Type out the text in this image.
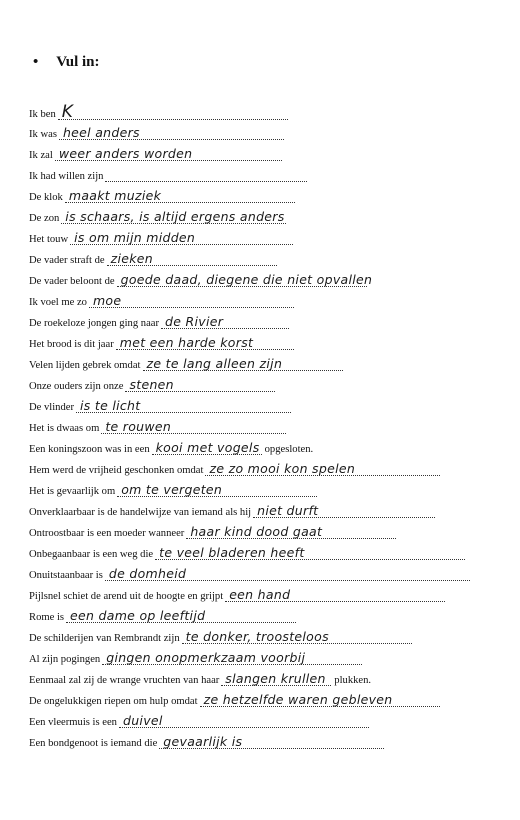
• Vul in:
Ik ben K
Ik was heel anders
Ik zal weer anders worden
Ik had willen zijn
De klok maakt muziek
De zon is schaars, is altijd ergens anders
Het touw is om mijn midden
De vader straft de zieken
De vader beloont de goede daad, diegene die niet opvallen
Ik voel me zo moe
De roekeloze jongen ging naar de Rivier
Het brood is dit jaar met een harde korst
Velen lijden gebrek omdat ze te lang alleen zijn
Onze ouders zijn onze stenen
De vlinder is te licht
Het is dwaas om te rouwen
Een koningszoon was in een kooi met vogels opgesloten.
Hem werd de vrijheid geschonken omdat ze zo mooi kon spelen
Het is gevaarlijk om om te vergeten
Onverklaarbaar is de handelwijze van iemand als hij niet durft
Ontroostbaar is een moeder wanneer haar kind dood gaat
Onbegaanbaar is een weg die te veel bladeren heeft
Onuitstaanbaar is de domheid
Pijlsnel schiet de arend uit de hoogte en grijpt een hand
Rome is een dame op leeftijd
De schilderijen van Rembrandt zijn te donker, troosteloos
Al zijn pogingen gingen onopmerkzaam voorbij
Eenmaal zal zij de wrange vruchten van haar slangen krullen plukken.
De ongelukkigen riepen om hulp omdat ze hetzelfde waren gebleven
Een vleermuis is een duivel
Een bondgenoot is iemand die gevaarlijk is
